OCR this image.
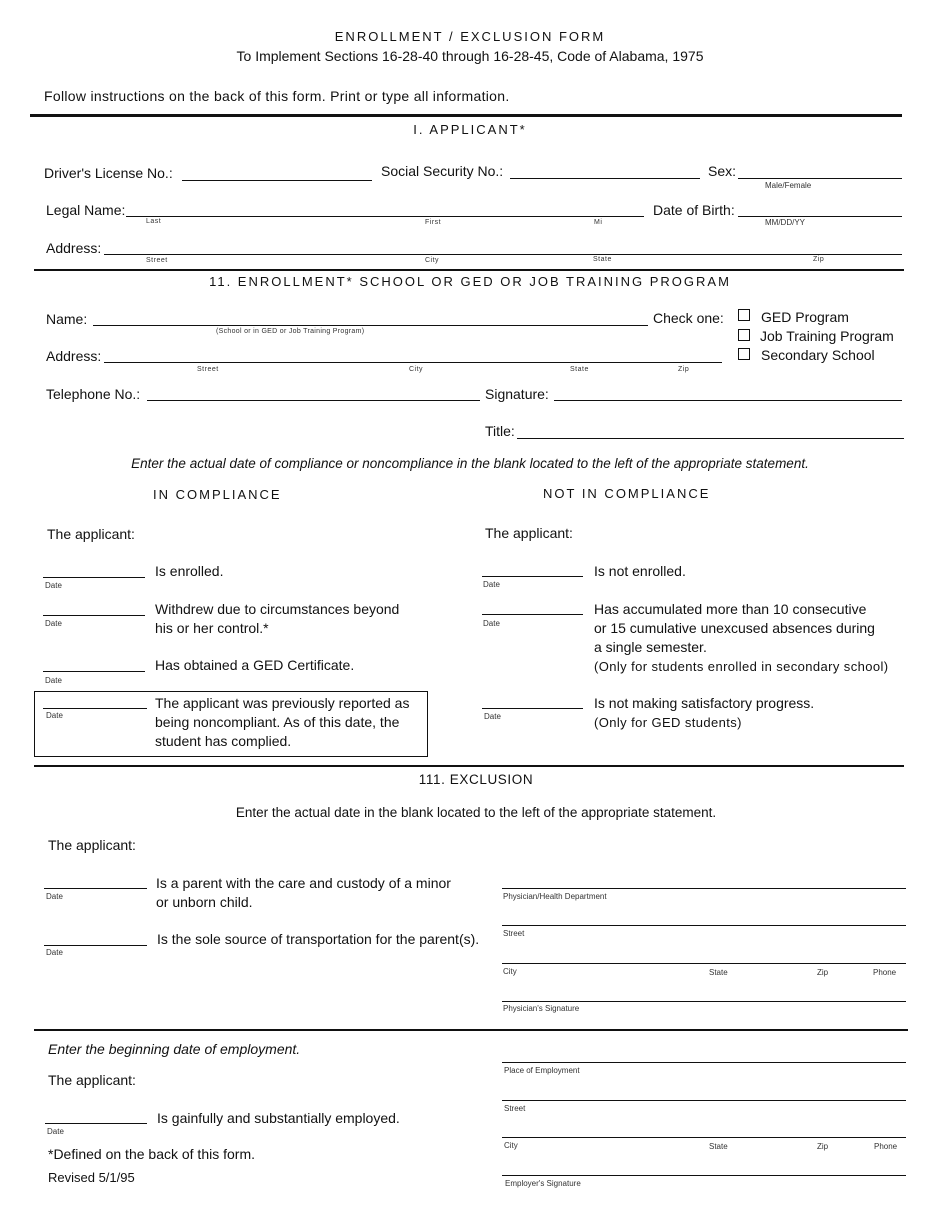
ENROLLMENT / EXCLUSION FORM
To Implement Sections 16-28-40 through 16-28-45, Code of Alabama, 1975
Follow instructions on the back of this form. Print or type all information.
I. APPLICANT*
Driver's License No.:	Social Security No.:	Sex:
Male/Female
Legal Name:
Last	First	Mi
Date of Birth:
MM/DD/YY
Address:
Street	City	State	Zip
11. ENROLLMENT* SCHOOL OR GED OR JOB TRAINING PROGRAM
Name:
(School or in GED or Job Training Program)
Check one:	GED Program
Job Training Program
Secondary School
Address:
Street	City	State	Zip
Telephone No.:	Signature:
Title:
Enter the actual date of compliance or noncompliance in the blank located to the left of the appropriate statement.
IN COMPLIANCE	NOT IN COMPLIANCE
The applicant:
Date
Is enrolled.
Date
Withdrew due to circumstances beyond
his or her control.*
Date
Has obtained a GED Certificate.
Date
The applicant was previously reported as
being noncompliant. As of this date, the
student has complied.
The applicant:
Date
Is not enrolled.
Date
Has accumulated more than 10 consecutive
or 15 cumulative unexcused absences during
a single semester.
(Only for students enrolled in secondary school)
Date
Is not making satisfactory progress.
(Only for GED students)
111. EXCLUSION
Enter the actual date in the blank located to the left of the appropriate statement.
The applicant:
Date
Is a parent with the care and custody of a minor
or unborn child.
Date
Is the sole source of transportation for the parent(s).
Physician/Health Department
Street
City	State	Zip	Phone
Physician's Signature
Enter the beginning date of employment.
The applicant:
Date
Is gainfully and substantially employed.
*Defined on the back of this form.
Revised 5/1/95
Place of Employment
Street
City	State	Zip	Phone
Employer's Signature
